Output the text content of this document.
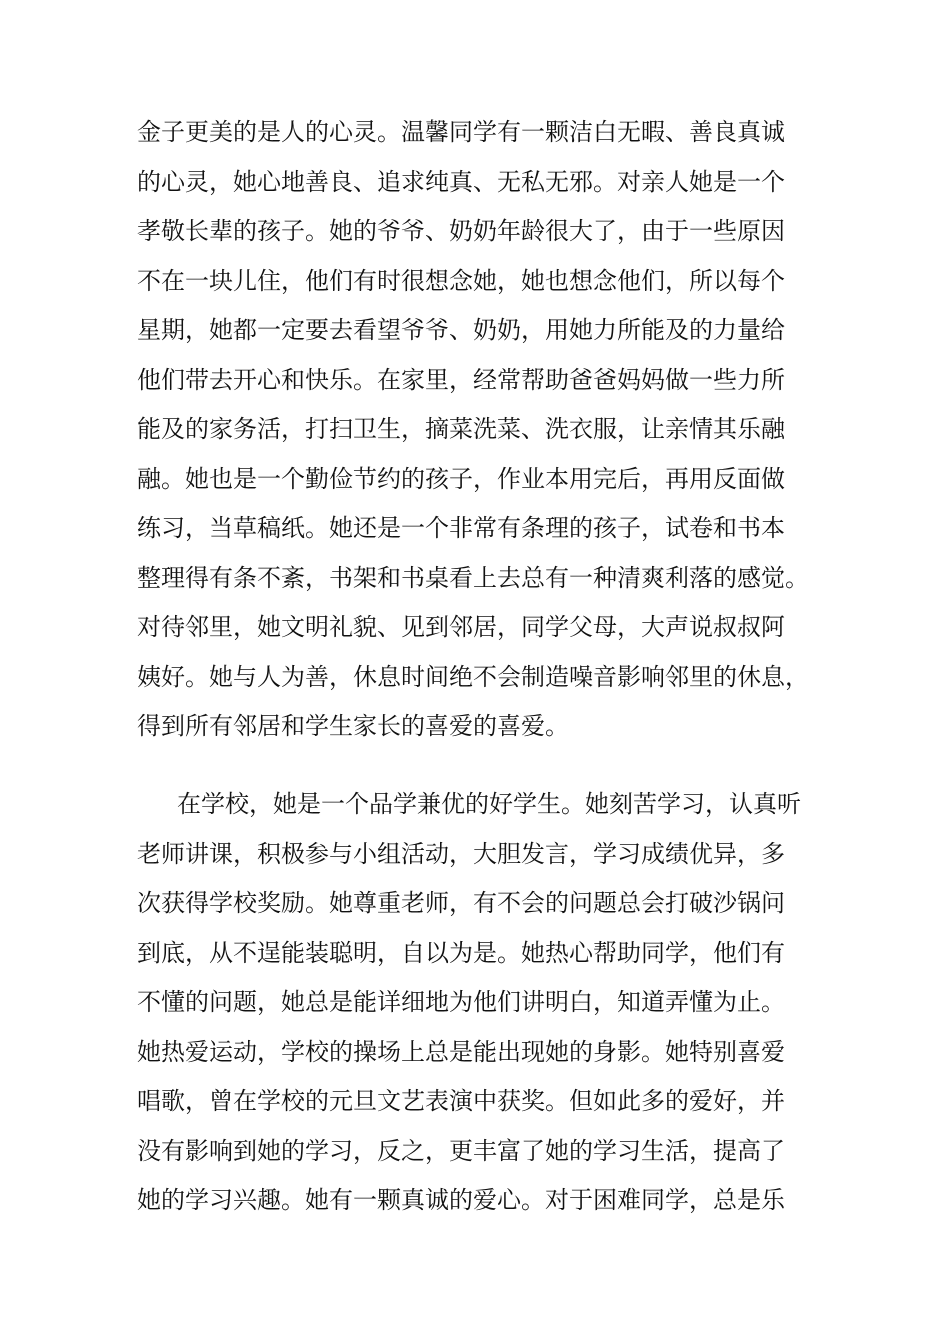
金子更美的是人的心灵。温馨同学有一颗洁白无暇、善良真诚
的心灵，她心地善良、追求纯真、无私无邪。对亲人她是一个
孝敬长辈的孩子。她的爷爷、奶奶年龄很大了，由于一些原因
不在一块儿住，他们有时很想念她，她也想念他们，所以每个
星期，她都一定要去看望爷爷、奶奶，用她力所能及的力量给
他们带去开心和快乐。在家里，经常帮助爸爸妈妈做一些力所
能及的家务活，打扫卫生，摘菜洗菜、洗衣服，让亲情其乐融
融。她也是一个勤俭节约的孩子，作业本用完后，再用反面做
练习，当草稿纸。她还是一个非常有条理的孩子，试卷和书本
整理得有条不紊，书架和书桌看上去总有一种清爽利落的感觉。
对待邻里，她文明礼貌、见到邻居，同学父母，大声说叔叔阿
姨好。她与人为善，休息时间绝不会制造噪音影响邻里的休息，
得到所有邻居和学生家长的喜爱的喜爱。
在学校，她是一个品学兼优的好学生。她刻苦学习，认真听
老师讲课，积极参与小组活动，大胆发言，学习成绩优异，多
次获得学校奖励。她尊重老师，有不会的问题总会打破沙锅问
到底，从不逞能装聪明，自以为是。她热心帮助同学，他们有
不懂的问题，她总是能详细地为他们讲明白，知道弄懂为止。
她热爱运动，学校的操场上总是能出现她的身影。她特别喜爱
唱歌，曾在学校的元旦文艺表演中获奖。但如此多的爱好，并
没有影响到她的学习，反之，更丰富了她的学习生活，提高了
她的学习兴趣。她有一颗真诚的爱心。对于困难同学，总是乐
